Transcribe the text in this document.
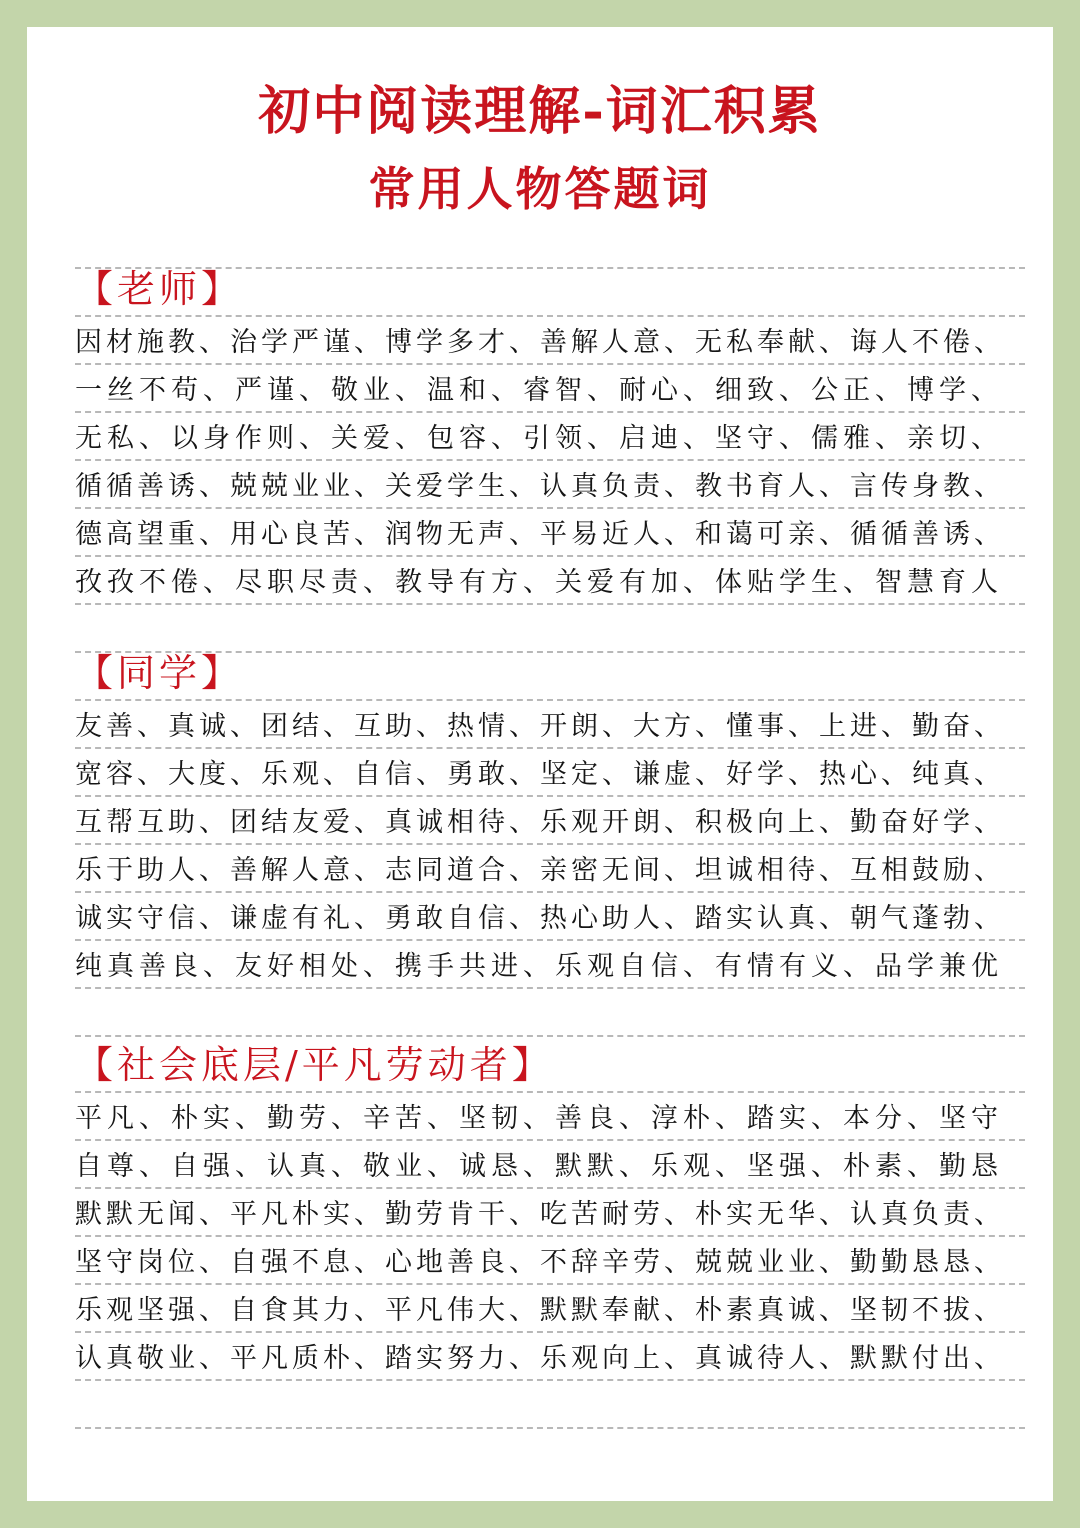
初中阅读理解-词汇积累
常用人物答题词
【老师】
因材施教、治学严谨、博学多才、善解人意、无私奉献、诲人不倦、
一丝不苟、严谨、敬业、温和、睿智、耐心、细致、公正、博学、
无私、以身作则、关爱、包容、引领、启迪、坚守、儒雅、亲切、
循循善诱、兢兢业业、关爱学生、认真负责、教书育人、言传身教、
德高望重、用心良苦、润物无声、平易近人、和蔼可亲、循循善诱、
孜孜不倦、尽职尽责、教导有方、关爱有加、体贴学生、智慧育人
【同学】
友善、真诚、团结、互助、热情、开朗、大方、懂事、上进、勤奋、
宽容、大度、乐观、自信、勇敢、坚定、谦虚、好学、热心、纯真、
互帮互助、团结友爱、真诚相待、乐观开朗、积极向上、勤奋好学、
乐于助人、善解人意、志同道合、亲密无间、坦诚相待、互相鼓励、
诚实守信、谦虚有礼、勇敢自信、热心助人、踏实认真、朝气蓬勃、
纯真善良、友好相处、携手共进、乐观自信、有情有义、品学兼优
【社会底层/平凡劳动者】
平凡、朴实、勤劳、辛苦、坚韧、善良、淳朴、踏实、本分、坚守
自尊、自强、认真、敬业、诚恳、默默、乐观、坚强、朴素、勤恳
默默无闻、平凡朴实、勤劳肯干、吃苦耐劳、朴实无华、认真负责、
坚守岗位、自强不息、心地善良、不辞辛劳、兢兢业业、勤勤恳恳、
乐观坚强、自食其力、平凡伟大、默默奉献、朴素真诚、坚韧不拔、
认真敬业、平凡质朴、踏实努力、乐观向上、真诚待人、默默付出、
